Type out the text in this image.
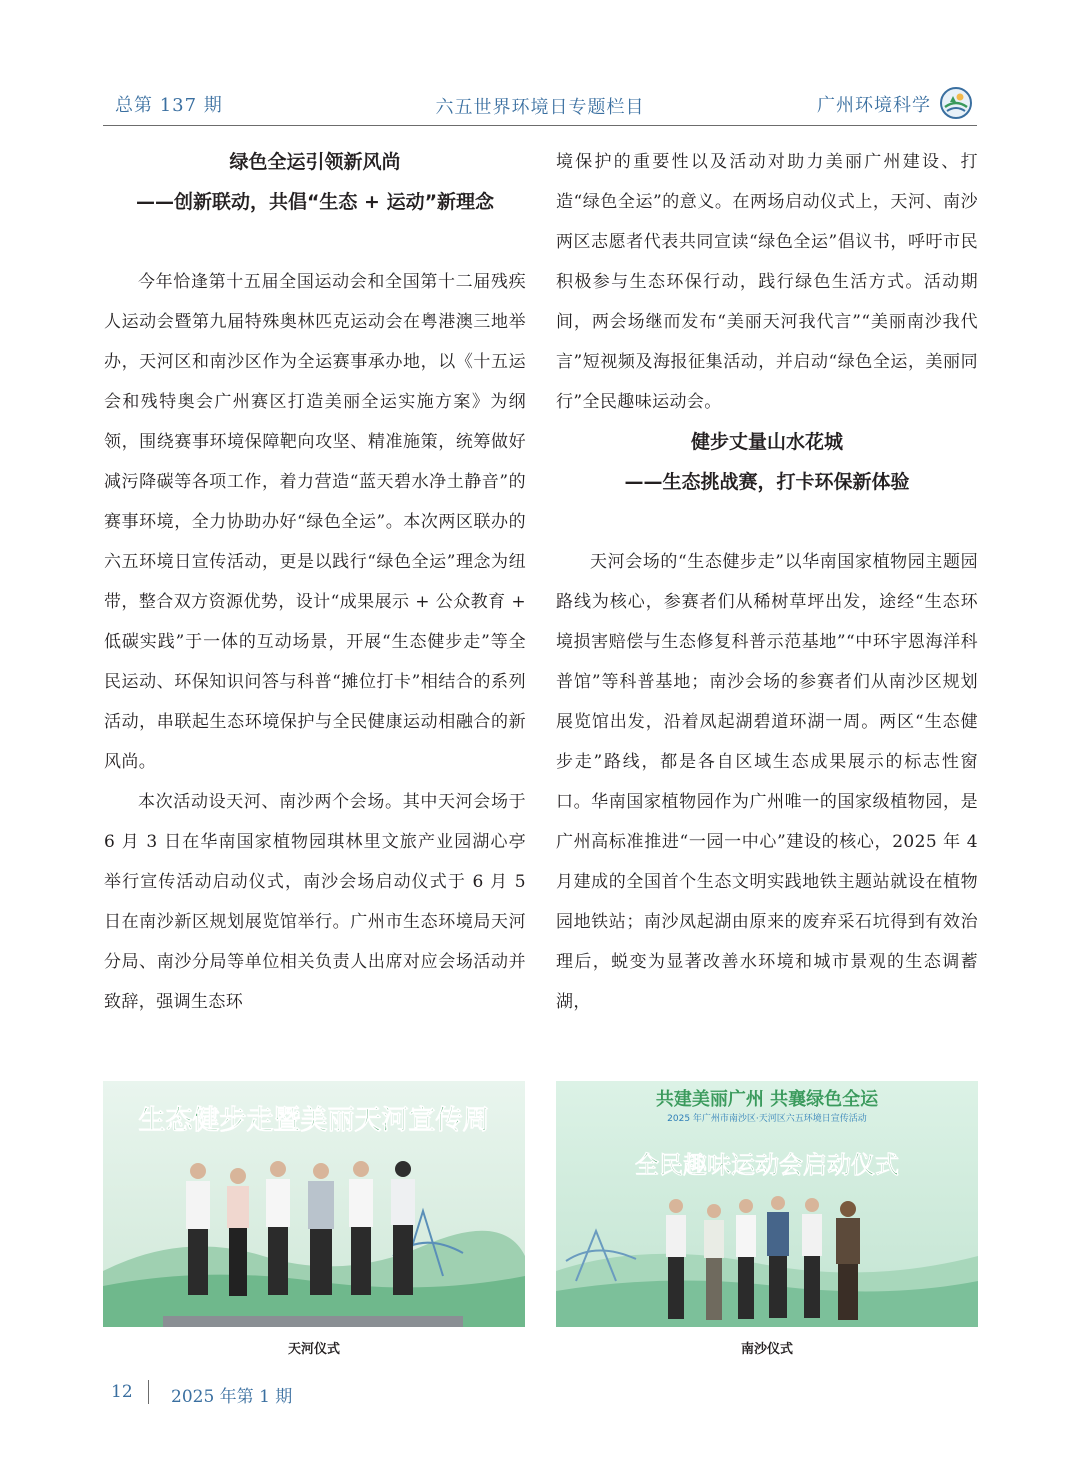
总第 137 期	六五世界环境日专题栏目	广州环境科学
绿色全运引领新风尚
——创新联动，共倡“生态 + 运动”新理念

今年恰逢第十五届全国运动会和全国第十二届残疾人运动会暨第九届特殊奥林匹克运动会在粤港澳三地举办，天河区和南沙区作为全运赛事承办地，以《十五运会和残特奥会广州赛区打造美丽全运实施方案》为纲领，围绕赛事环境保障靶向攻坚、精准施策，统筹做好减污降碳等各项工作，着力营造“蓝天碧水净土静音”的赛事环境，全力协助办好“绿色全运”。本次两区联办的六五环境日宣传活动，更是以践行“绿色全运”理念为纽带，整合双方资源优势，设计“成果展示 + 公众教育 + 低碳实践”于一体的互动场景，开展“生态健步走”等全民运动、环保知识问答与科普“摊位打卡”相结合的系列活动，串联起生态环境保护与全民健康运动相融合的新风尚。

本次活动设天河、南沙两个会场。其中天河会场于 6 月 3 日在华南国家植物园琪林里文旅产业园湖心亭举行宣传活动启动仪式，南沙会场启动仪式于 6 月 5 日在南沙新区规划展览馆举行。广州市生态环境局天河分局、南沙分局等单位相关负责人出席对应会场活动并致辞，强调生态环

境保护的重要性以及活动对助力美丽广州建设、打造“绿色全运”的意义。在两场启动仪式上，天河、南沙两区志愿者代表共同宣读“绿色全运”倡议书，呼吁市民积极参与生态环保行动，践行绿色生活方式。活动期间，两会场继而发布“美丽天河我代言”“美丽南沙我代言”短视频及海报征集活动，并启动“绿色全运，美丽同行”全民趣味运动会。

健步丈量山水花城
——生态挑战赛，打卡环保新体验

天河会场的“生态健步走”以华南国家植物园主题园路线为核心，参赛者们从稀树草坪出发，途经“生态环境损害赔偿与生态修复科普示范基地”“中环宇恩海洋科普馆”等科普基地；南沙会场的参赛者们从南沙区规划展览馆出发，沿着凤起湖碧道环湖一周。两区“生态健步走”路线，都是各自区域生态成果展示的标志性窗口。华南国家植物园作为广州唯一的国家级植物园，是广州高标准推进“一园一中心”建设的核心，2025 年 4 月建成的全国首个生态文明实践地铁主题站就设在植物园地铁站；南沙凤起湖由原来的废弃采石坑得到有效治理后，蜕变为显著改善水环境和城市景观的生态调蓄湖，

生态健步走暨美丽天河宣传周
天河仪式
共建美丽广州 共襄绿色全运
2025 年广州市南沙区·天河区六五环境日宣传活动
全民趣味运动会启动仪式
南沙仪式
12 2025 年第 1 期
